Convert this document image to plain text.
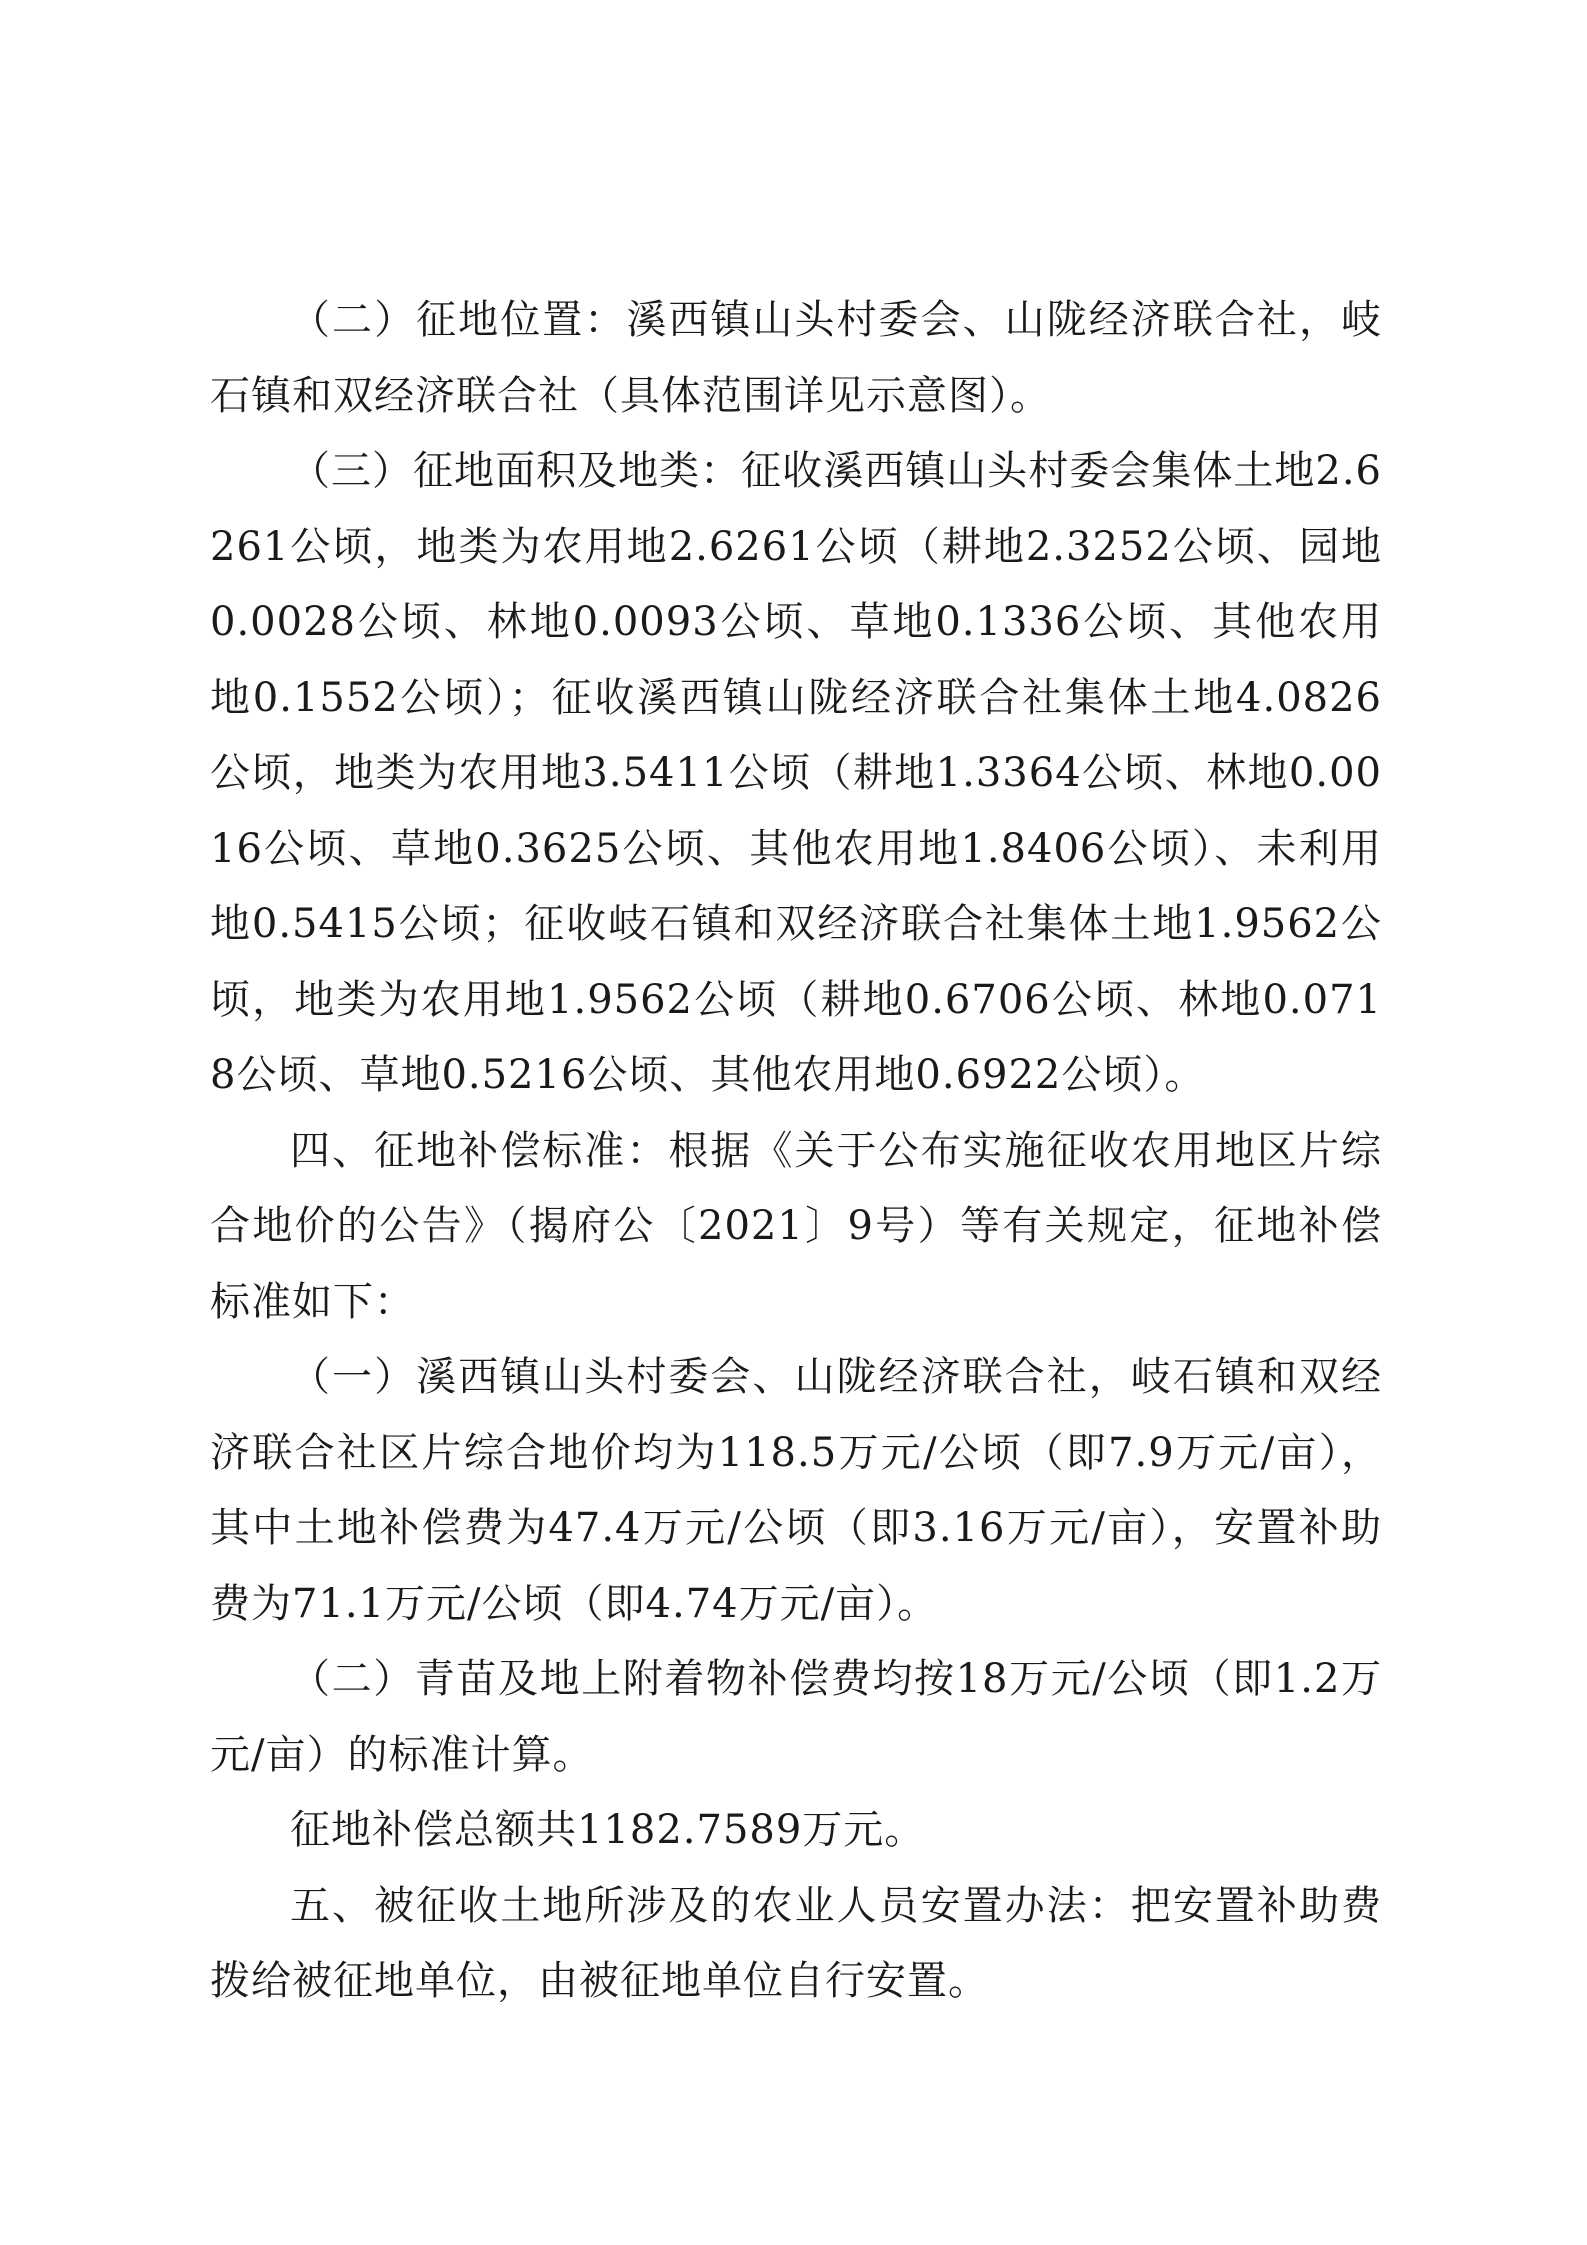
（二）征地位置：溪西镇山头村委会、山陇经济联合社，岐石镇和双经济联合社（具体范围详见示意图）。

（三）征地面积及地类：征收溪西镇山头村委会集体土地2.6261公顷，地类为农用地2.6261公顷（耕地2.3252公顷、园地0.0028公顷、林地0.0093公顷、草地0.1336公顷、其他农用地0.1552公顷）；征收溪西镇山陇经济联合社集体土地4.0826公顷，地类为农用地3.5411公顷（耕地1.3364公顷、林地0.0016公顷、草地0.3625公顷、其他农用地1.8406公顷）、未利用地0.5415公顷；征收岐石镇和双经济联合社集体土地1.9562公顷，地类为农用地1.9562公顷（耕地0.6706公顷、林地0.0718公顷、草地0.5216公顷、其他农用地0.6922公顷）。

四、征地补偿标准：根据《关于公布实施征收农用地区片综合地价的公告》（揭府公〔2021〕9号）等有关规定，征地补偿标准如下：

（一）溪西镇山头村委会、山陇经济联合社，岐石镇和双经济联合社区片综合地价均为118.5万元/公顷（即7.9万元/亩），其中土地补偿费为47.4万元/公顷（即3.16万元/亩），安置补助费为71.1万元/公顷（即4.74万元/亩）。

（二）青苗及地上附着物补偿费均按18万元/公顷（即1.2万元/亩）的标准计算。

征地补偿总额共1182.7589万元。

五、被征收土地所涉及的农业人员安置办法：把安置补助费拨给被征地单位，由被征地单位自行安置。
